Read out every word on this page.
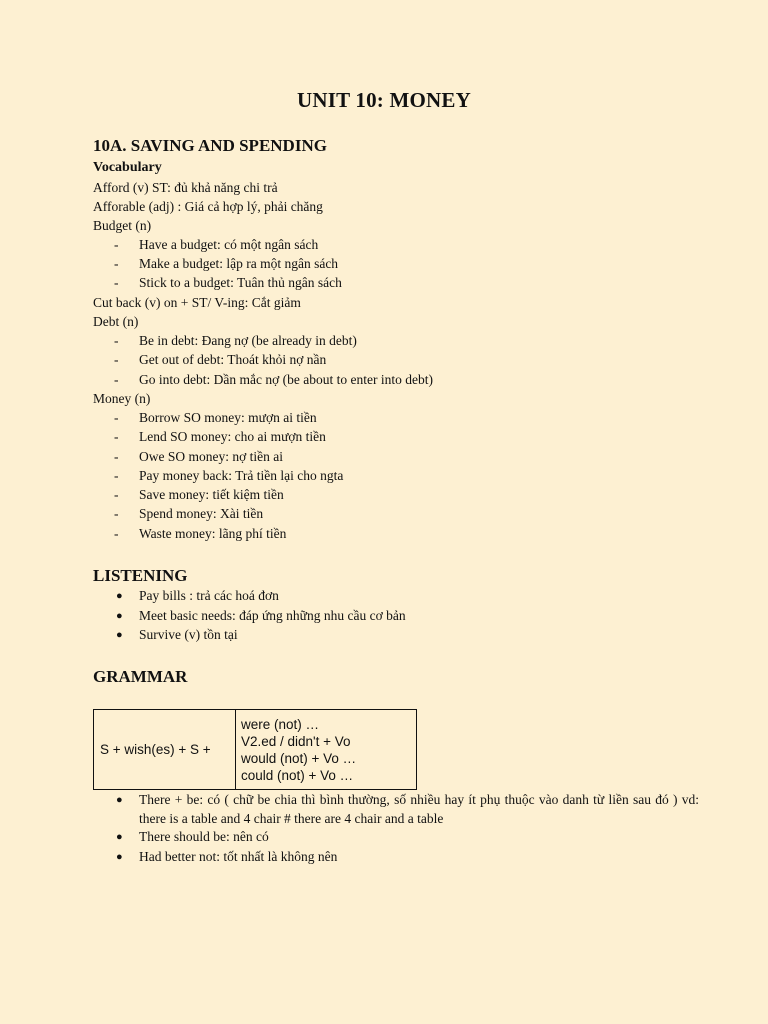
UNIT 10: MONEY
10A. SAVING AND SPENDING
Vocabulary
Afford (v) ST: đủ khả năng chi trả
Afforable (adj) : Giá cả hợp lý, phải chăng
Budget (n)
- Have a budget: có một ngân sách
- Make a budget: lập ra một ngân sách
- Stick to a budget: Tuân thủ ngân sách
Cut back (v) on + ST/ V-ing: Cắt giảm
Debt (n)
- Be in debt: Đang nợ (be already in debt)
- Get out of debt: Thoát khỏi nợ nần
- Go into debt: Dần mắc nợ (be about to enter into debt)
Money (n)
- Borrow SO money: mượn ai tiền
- Lend SO money: cho ai mượn tiền
- Owe SO money: nợ tiền ai
- Pay money back: Trả tiền lại cho ngta
- Save money: tiết kiệm tiền
- Spend money: Xài tiền
- Waste money: lãng phí tiền
LISTENING
● Pay bills : trả các hoá đơn
● Meet basic needs: đáp ứng những nhu cầu cơ bản
● Survive (v) tồn tại
GRAMMAR
S + wish(es) + S +
were (not) …
V2.ed / didn't + Vo
would (not) + Vo …
could (not) + Vo …
● There + be: có ( chữ be chia thì bình thường, số nhiều hay ít phụ thuộc vào danh từ liền sau đó ) vd: there is a table and 4 chair # there are 4 chair and a table
● There should be: nên có
● Had better not: tốt nhất là không nên
